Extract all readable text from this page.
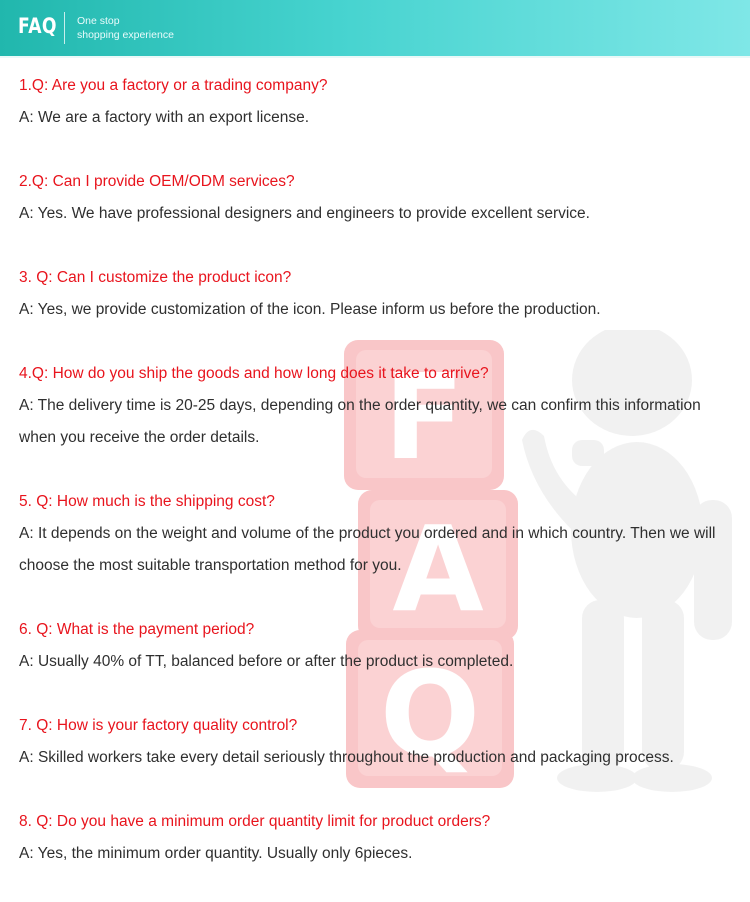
FAQ One stop
shopping experience
F
A
Q

1.Q: Are you a factory or a trading company?

A: We are a factory with an export license.

2.Q: Can I provide OEM/ODM services?

A: Yes. We have professional designers and engineers to provide excellent service.

3. Q: Can I customize the product icon?

A: Yes, we provide customization of the icon. Please inform us before the production.

4.Q: How do you ship the goods and how long does it take to arrive?

A: The delivery time is 20-25 days, depending on the order quantity, we can confirm this information when you receive the order details.

5. Q: How much is the shipping cost?

A: It depends on the weight and volume of the product you ordered and in which country. Then we will choose the most suitable transportation method for you.

6. Q: What is the payment period?

A: Usually 40% of TT, balanced before or after the product is completed.

7. Q: How is your factory quality control?

A: Skilled workers take every detail seriously throughout the production and packaging process.

8. Q: Do you have a minimum order quantity limit for product orders?

A: Yes, the minimum order quantity. Usually only 6pieces.
